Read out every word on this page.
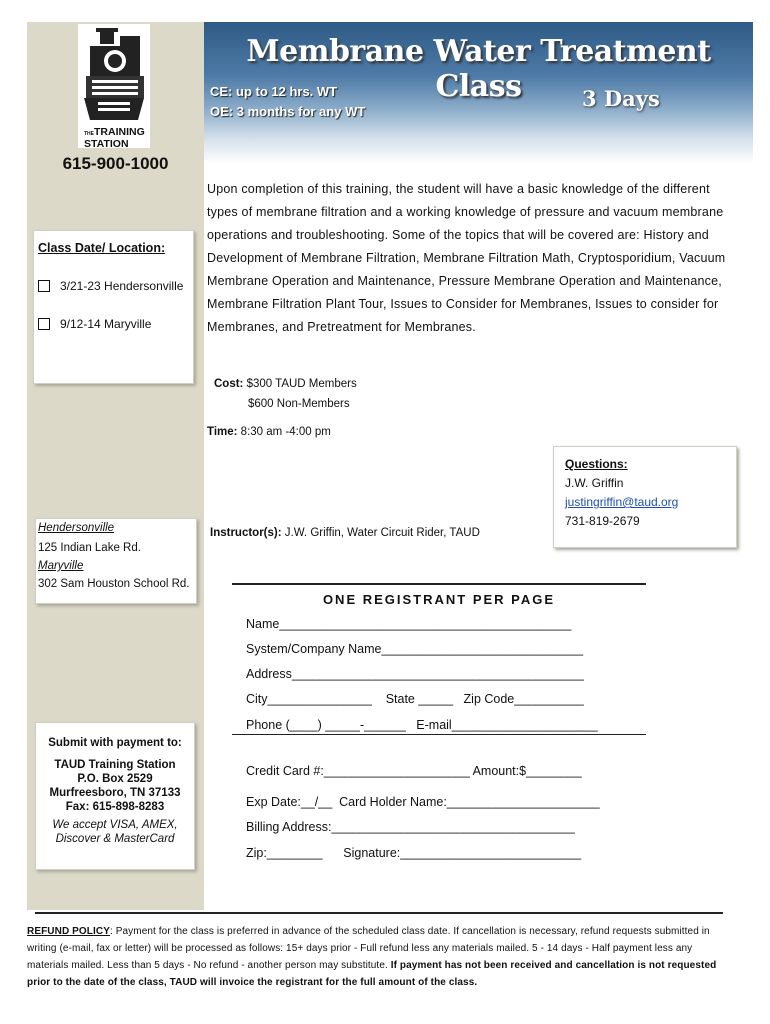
THETRAINING
STATION
615-900-1000
Membrane Water Treatment Class
CE: up to 12 hrs. WT
OE: 3 months for any WT
3 Days
Class Date/ Location:
3/21-23 Hendersonville
9/12-14 Maryville
Upon completion of this training, the student will have a basic knowledge of the different types of membrane filtration and a working knowledge of pressure and vacuum membrane operations and troubleshooting. Some of the topics that will be covered are: History and Development of Membrane Filtration, Membrane Filtration Math, Cryptosporidium, Vacuum Membrane Operation and Maintenance, Pressure Membrane Operation and Maintenance, Membrane Filtration Plant Tour, Issues to Consider for Membranes, Issues to consider for Membranes, and Pretreatment for Membranes.
Cost: $300 TAUD Members
$600 Non-Members
Time: 8:30 am -4:00 pm
Questions:
J.W. Griffin
justingriffin@taud.org
731-819-2679
Instructor(s): J.W. Griffin, Water Circuit Rider, TAUD
Hendersonville
125 Indian Lake Rd.
Maryville
302 Sam Houston School Rd.
Submit with payment to:
TAUD Training Station
P.O. Box 2529
Murfreesboro, TN 37133
Fax: 615-898-8283
We accept VISA, AMEX,
Discover & MasterCard
ONE REGISTRANT PER PAGE
Name__________________________________________
System/Company Name_____________________________
Address__________________________________________
City_______________    State _____   Zip Code__________
Phone (____) _____-______   E-mail_____________________
Credit Card #:_____________________ Amount:$________
Exp Date:__/__  Card Holder Name:______________________
Billing Address:___________________________________
Zip:________      Signature:__________________________
REFUND POLICY: Payment for the class is preferred in advance of the scheduled class date. If cancellation is necessary, refund requests submitted in writing (e-mail, fax or letter) will be processed as follows: 15+ days prior - Full refund less any materials mailed. 5 - 14 days - Half payment less any materials mailed. Less than 5 days - No refund - another person may substitute. If payment has not been received and cancellation is not requested prior to the date of the class, TAUD will invoice the registrant for the full amount of the class.
